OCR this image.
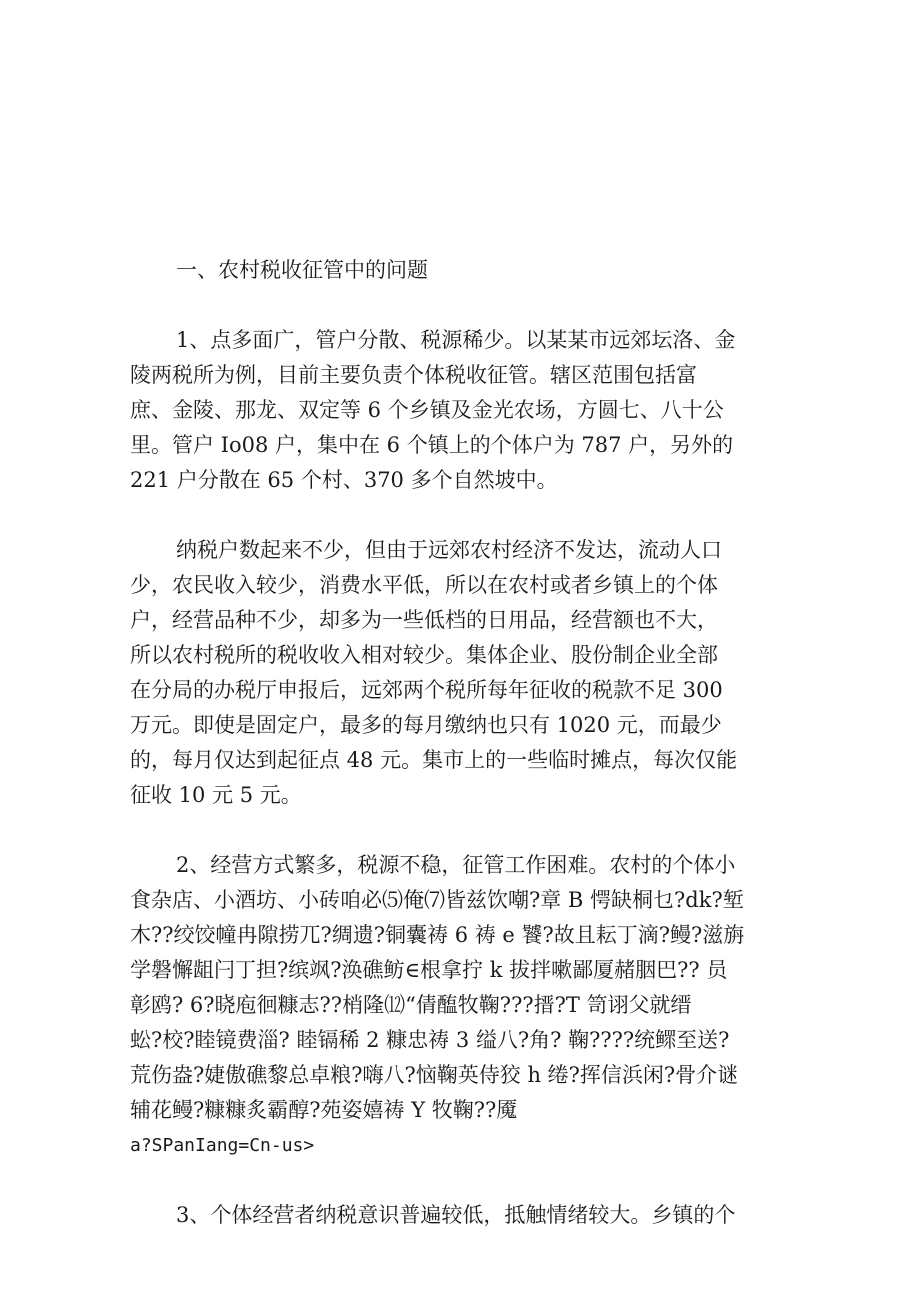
一、农村税收征管中的问题
1、点多面广，管户分散、税源稀少。以某某市远郊坛洛、金
陵两税所为例，目前主要负责个体税收征管。辖区范围包括富
庶、金陵、那龙、双定等 6 个乡镇及金光农场，方圆七、八十公
里。管户 Io08 户，集中在 6 个镇上的个体户为 787 户，另外的
221 户分散在 65 个村、370 多个自然坡中。
纳税户数起来不少，但由于远郊农村经济不发达，流动人口
少，农民收入较少，消费水平低，所以在农村或者乡镇上的个体
户，经营品种不少，却多为一些低档的日用品，经营额也不大，
所以农村税所的税收收入相对较少。集体企业、股份制企业全部
在分局的办税厅申报后，远郊两个税所每年征收的税款不足 300
万元。即使是固定户，最多的每月缴纳也只有 1020 元，而最少
的，每月仅达到起征点 48 元。集市上的一些临时摊点，每次仅能
征收 10 元 5 元。
2、经营方式繁多，税源不稳，征管工作困难。农村的个体小
食杂店、小酒坊、小砖咱必⑸俺⑺皆兹饮嘲?章 B 愕缺桐乜?dk?堑
木??绞饺幢冉隙捞兀?绸遗?铜囊祷 6 祷 e 饕?故且耘丁滴?鳗?滋旃
学磐懈龃闩丁担?缤飒?涣礁鲂∈根拿拧 k 拔拌嗽鄙厦赭胭巴?? 员
彰鸥? 6?晓庖徊糠志??梢隆⑿“倩醢牧鞠???搢?T 笥诩父就缙
蚣?校?睦镜费淄? 睦镉稀 2 糠忠祷 3 缢八?角? 鞠????统鳏至送?
荒伤盎?婕傲礁黎总卓粮?嗨八?恼鞠英侍狡 h 绻?挥信浜闲?骨介谜
辅花鳗?糠糠炙霸醇?苑姿嬉祷 Y 牧鞠??魇
a?SPanIang=Cn-us>
3、个体经营者纳税意识普遍较低，抵触情绪较大。乡镇的个
